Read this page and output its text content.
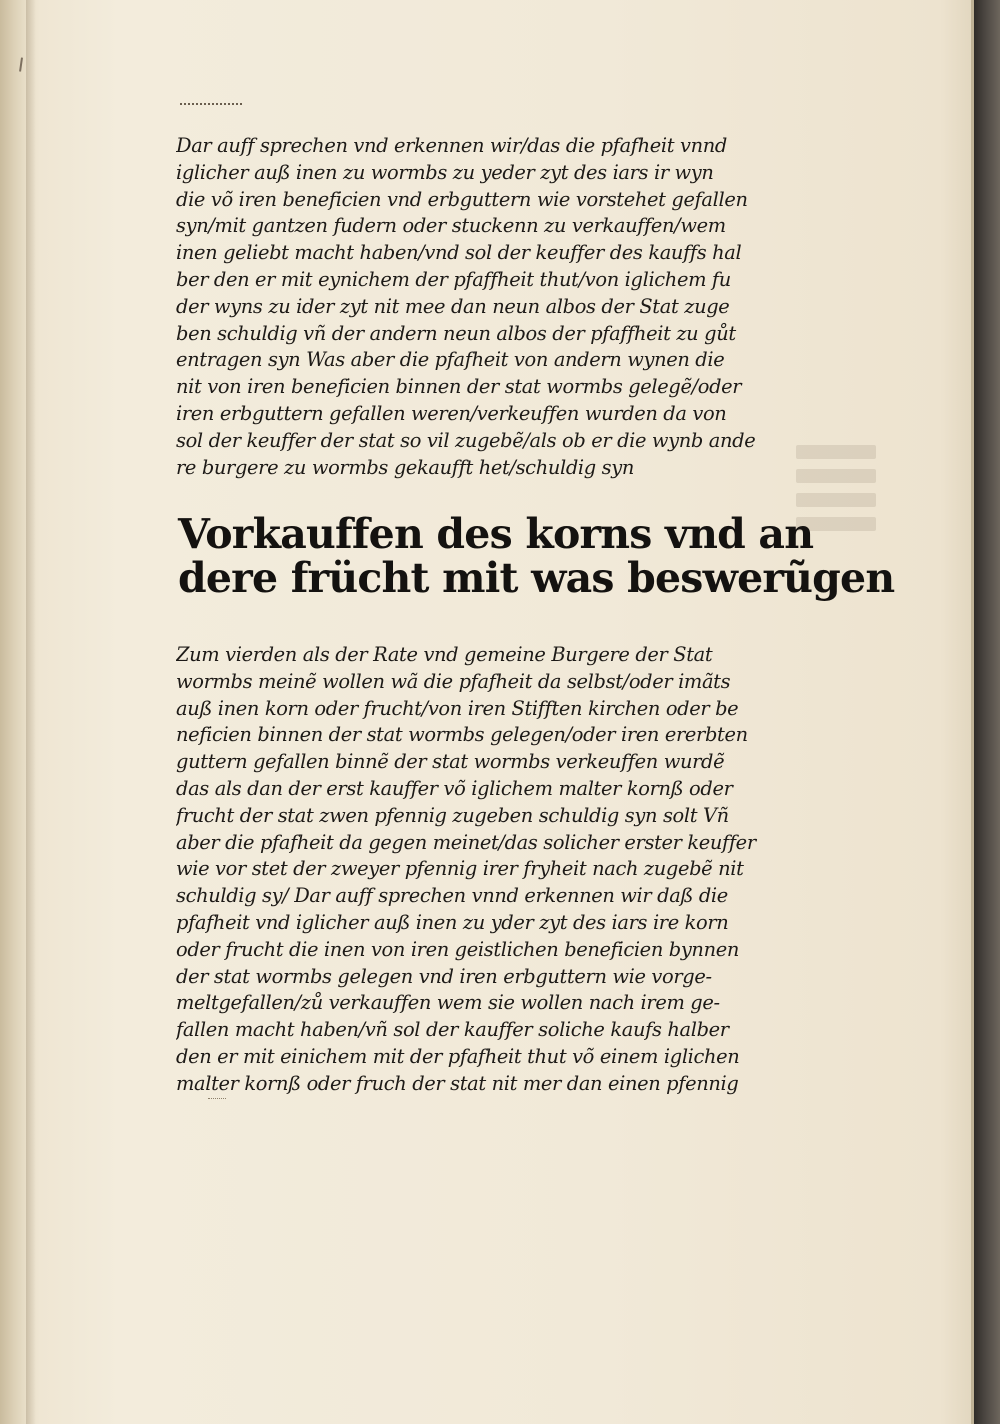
Dar auff sprechen vnd erkennen wir/das die pfafheit vnnd
iglicher auß inen zu wormbs zu yeder zyt des iars ir wyn
die võ iren beneficien vnd erbguttern wie vorstehet gefallen
syn/mit gantzen fudern oder stuckenn zu verkauffen/wem
inen geliebt macht haben/vnd sol der keuffer des kauffs hal
ber den er mit eynichem der pfaffheit thut/von iglichem fu
der wyns zu ider zyt nit mee dan neun albos der Stat zuge
ben schuldig vñ der andern neun albos der pfaffheit zu gůt
entragen syn Was aber die pfafheit von andern wynen die
nit von iren beneficien binnen der stat wormbs gelegẽ/oder
iren erbguttern gefallen weren/verkeuffen wurden da von
sol der keuffer der stat so vil zugebẽ/als ob er die wynb ande
re burgere zu wormbs gekaufft het/schuldig syn
Vorkauffen des korns vnd an
dere frücht mit was beswerũgen
Zum vierden als der Rate vnd gemeine Burgere der Stat
wormbs meinẽ wollen wã die pfafheit da selbst/oder imãts
auß inen korn oder frucht/von iren Stifften kirchen oder be
neficien binnen der stat wormbs gelegen/oder iren ererbten
guttern gefallen binnẽ der stat wormbs verkeuffen wurdẽ
das als dan der erst kauffer võ iglichem malter kornß oder
frucht der stat zwen pfennig zugeben schuldig syn solt Vñ
aber die pfafheit da gegen meinet/das solicher erster keuffer
wie vor stet der zweyer pfennig irer fryheit nach zugebẽ nit
schuldig sy/ Dar auff sprechen vnnd erkennen wir daß die
pfafheit vnd iglicher auß inen zu yder zyt des iars ire korn
oder frucht die inen von iren geistlichen beneficien bynnen
der stat wormbs gelegen vnd iren erbguttern wie vorge-
meltgefallen/zů verkauffen wem sie wollen nach irem ge-
fallen macht haben/vñ sol der kauffer soliche kaufs halber
den er mit einichem mit der pfafheit thut võ einem iglichen
malter kornß oder fruch der stat nit mer dan einen pfennig
